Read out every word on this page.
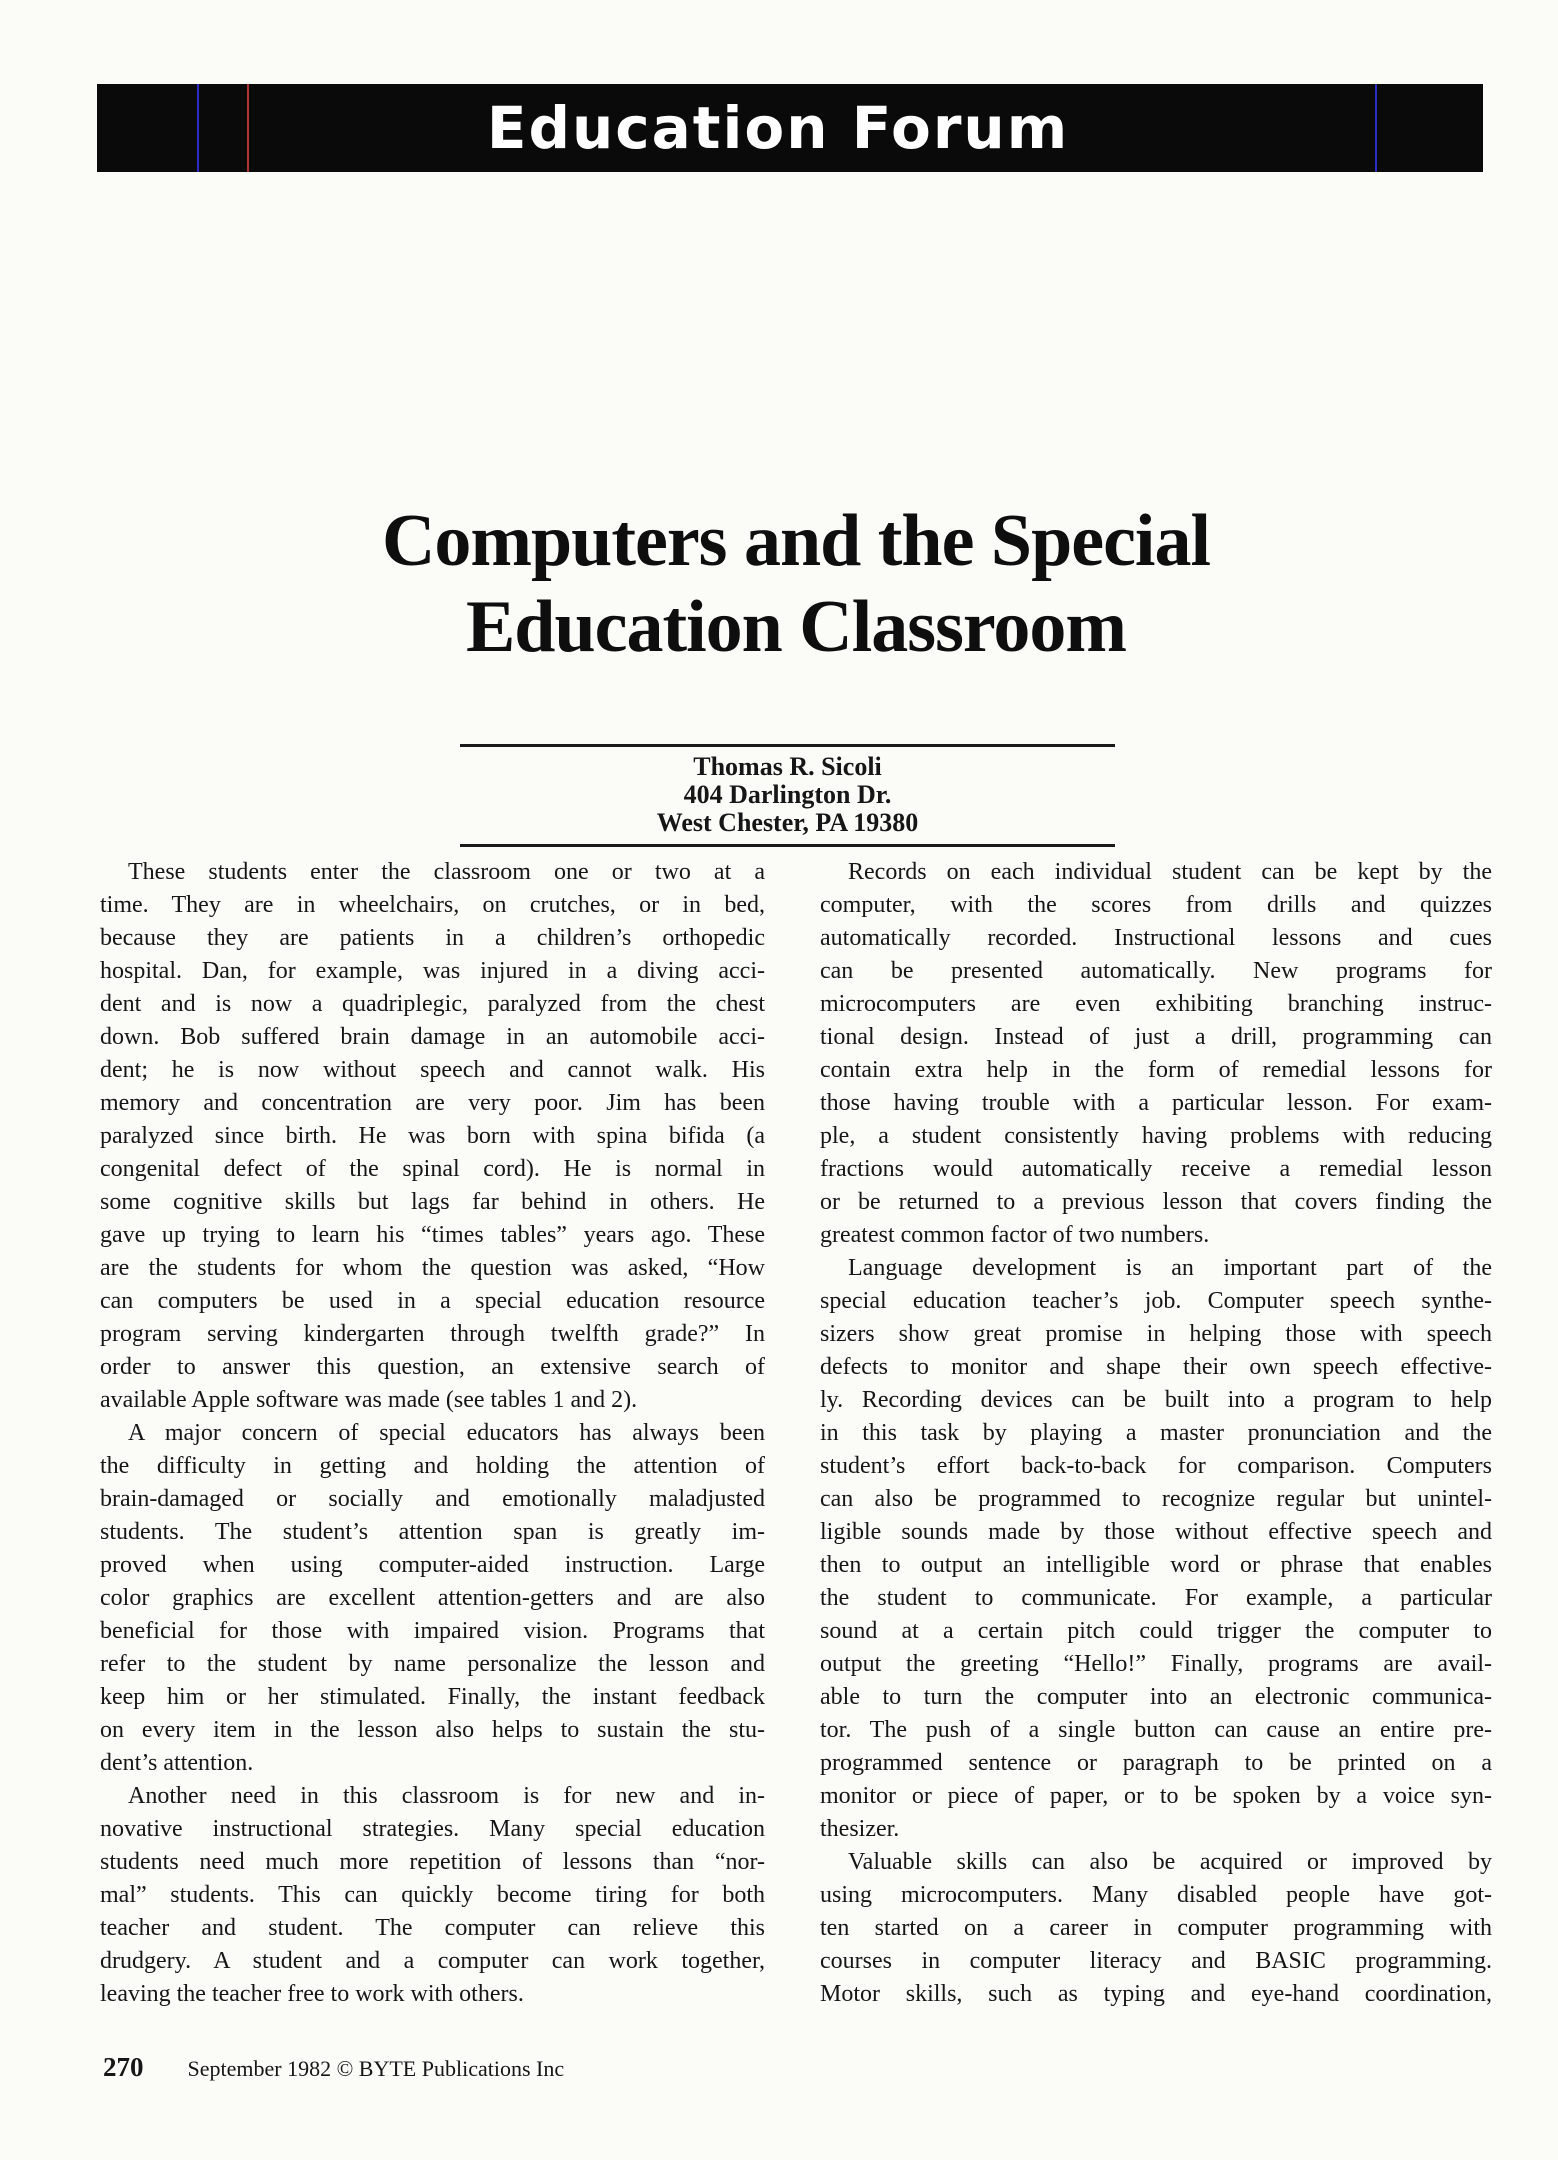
Education Forum
Computers and the Special
Education Classroom
Thomas R. Sicoli
404 Darlington Dr.
West Chester, PA 19380
These students enter the classroom one or two at a
time. They are in wheelchairs, on crutches, or in bed,
because they are patients in a children’s orthopedic
hospital. Dan, for example, was injured in a diving acci-
dent and is now a quadriplegic, paralyzed from the chest
down. Bob suffered brain damage in an automobile acci-
dent; he is now without speech and cannot walk. His
memory and concentration are very poor. Jim has been
paralyzed since birth. He was born with spina bifida (a
congenital defect of the spinal cord). He is normal in
some cognitive skills but lags far behind in others. He
gave up trying to learn his “times tables” years ago. These
are the students for whom the question was asked, “How
can computers be used in a special education resource
program serving kindergarten through twelfth grade?” In
order to answer this question, an extensive search of
available Apple software was made (see tables 1 and 2).
A major concern of special educators has always been
the difficulty in getting and holding the attention of
brain-damaged or socially and emotionally maladjusted
students. The student’s attention span is greatly im-
proved when using computer-aided instruction. Large
color graphics are excellent attention-getters and are also
beneficial for those with impaired vision. Programs that
refer to the student by name personalize the lesson and
keep him or her stimulated. Finally, the instant feedback
on every item in the lesson also helps to sustain the stu-
dent’s attention.
Another need in this classroom is for new and in-
novative instructional strategies. Many special education
students need much more repetition of lessons than “nor-
mal” students. This can quickly become tiring for both
teacher and student. The computer can relieve this
drudgery. A student and a computer can work together,
leaving the teacher free to work with others.
Records on each individual student can be kept by the
computer, with the scores from drills and quizzes
automatically recorded. Instructional lessons and cues
can be presented automatically. New programs for
microcomputers are even exhibiting branching instruc-
tional design. Instead of just a drill, programming can
contain extra help in the form of remedial lessons for
those having trouble with a particular lesson. For exam-
ple, a student consistently having problems with reducing
fractions would automatically receive a remedial lesson
or be returned to a previous lesson that covers finding the
greatest common factor of two numbers.
Language development is an important part of the
special education teacher’s job. Computer speech synthe-
sizers show great promise in helping those with speech
defects to monitor and shape their own speech effective-
ly. Recording devices can be built into a program to help
in this task by playing a master pronunciation and the
student’s effort back-to-back for comparison. Computers
can also be programmed to recognize regular but unintel-
ligible sounds made by those without effective speech and
then to output an intelligible word or phrase that enables
the student to communicate. For example, a particular
sound at a certain pitch could trigger the computer to
output the greeting “Hello!” Finally, programs are avail-
able to turn the computer into an electronic communica-
tor. The push of a single button can cause an entire pre-
programmed sentence or paragraph to be printed on a
monitor or piece of paper, or to be spoken by a voice syn-
thesizer.
Valuable skills can also be acquired or improved by
using microcomputers. Many disabled people have got-
ten started on a career in computer programming with
courses in computer literacy and BASIC programming.
Motor skills, such as typing and eye-hand coordination,
270 September 1982 © BYTE Publications Inc
